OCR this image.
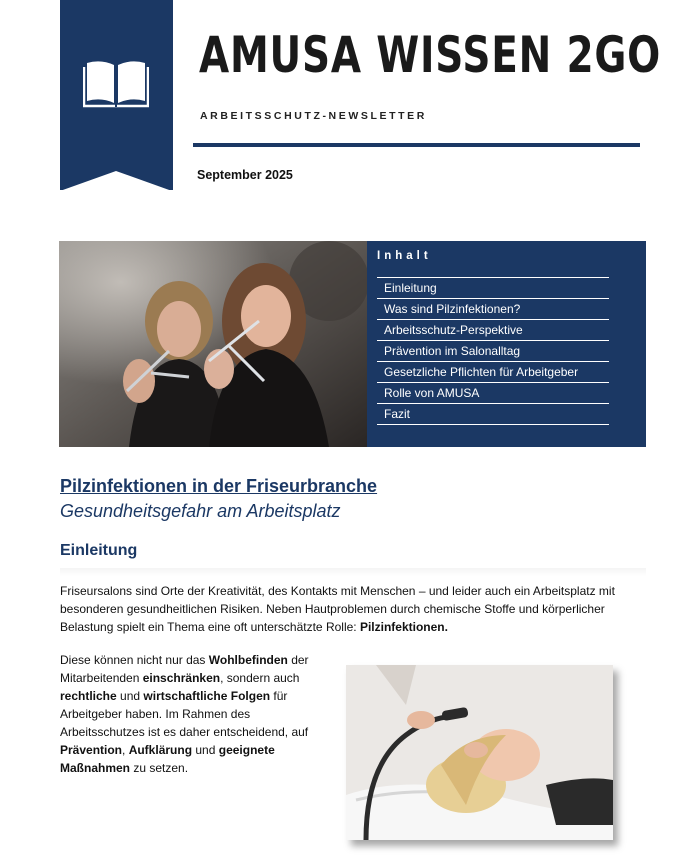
AMUSA WISSEN 2GO
ARBEITSSCHUTZ-NEWSLETTER
September 2025
Inhalt
Einleitung
Was sind Pilzinfektionen?
Arbeitsschutz-Perspektive
Prävention im Salonalltag
Gesetzliche Pflichten für Arbeitgeber
Rolle von AMUSA
Fazit
Pilzinfektionen in der Friseurbranche
Gesundheitsgefahr am Arbeitsplatz
Einleitung

Friseursalons sind Orte der Kreativität, des Kontakts mit Menschen – und leider auch ein Arbeitsplatz mit besonderen gesundheitlichen Risiken. Neben Hautproblemen durch chemische Stoffe und körperlicher Belastung spielt ein Thema eine oft unterschätzte Rolle: Pilzinfektionen.

Diese können nicht nur das Wohlbefinden der Mitarbeitenden einschränken, sondern auch rechtliche und wirtschaftliche Folgen für Arbeitgeber haben. Im Rahmen des Arbeitsschutzes ist es daher entscheidend, auf Prävention, Aufklärung und geeignete Maßnahmen zu setzen.
